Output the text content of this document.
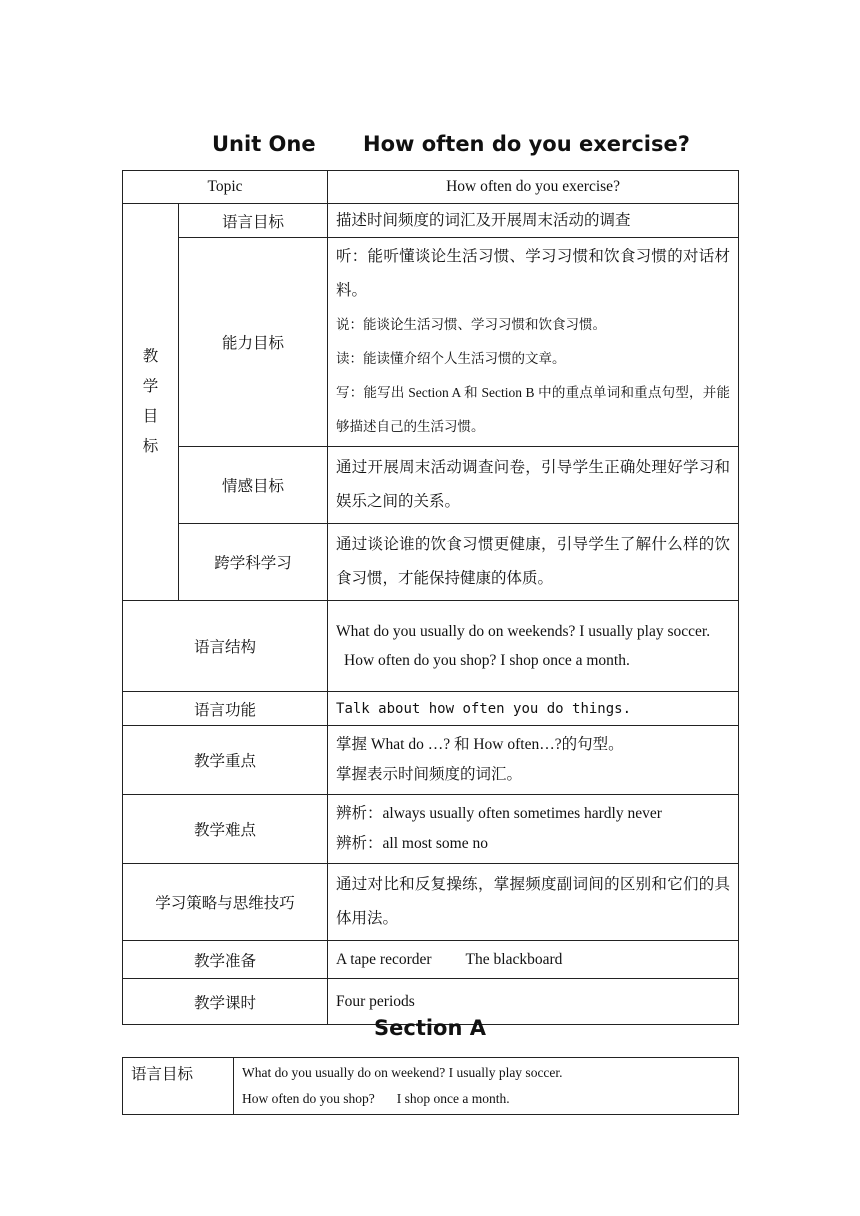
Unit One How often do you exercise?
Topic		How often do you exercise?

教
学
目
标	语言目标	描述时间频度的词汇及开展周末活动的调查
	能力目标	听：能听懂谈论生活习惯、学习习惯和饮食习惯的对话材料。
说：能谈论生活习惯、学习习惯和饮食习惯。
读：能读懂介绍个人生活习惯的文章。
写：能写出 Section A 和 Section B 中的重点单词和重点句型，并能够描述自己的生活习惯。

	情感目标	通过开展周末活动调查问卷，引导学生正确处理好学习和娱乐之间的关系。
	跨学科学习	通过谈论谁的饮食习惯更健康，引导学生了解什么样的饮食习惯，才能保持健康的体质。
语言结构		What do you usually do on weekends? I usually play soccer.
How often do you shop? I shop once a month.

语言功能		Talk about how often you do things.
教学重点		掌握 What do …? 和 How often…?的句型。
掌握表示时间频度的词汇。

教学难点		辨析：always usually often sometimes hardly never
辨析：all most some no

学习策略与思维技巧		通过对比和反复操练，掌握频度副词间的区别和它们的具体用法。
教学准备		A tape recorder The blackboard
教学课时		Four periods
Section A
语言目标	What do you usually do on weekend? I usually play soccer.
How often do you shop? I shop once a month.
